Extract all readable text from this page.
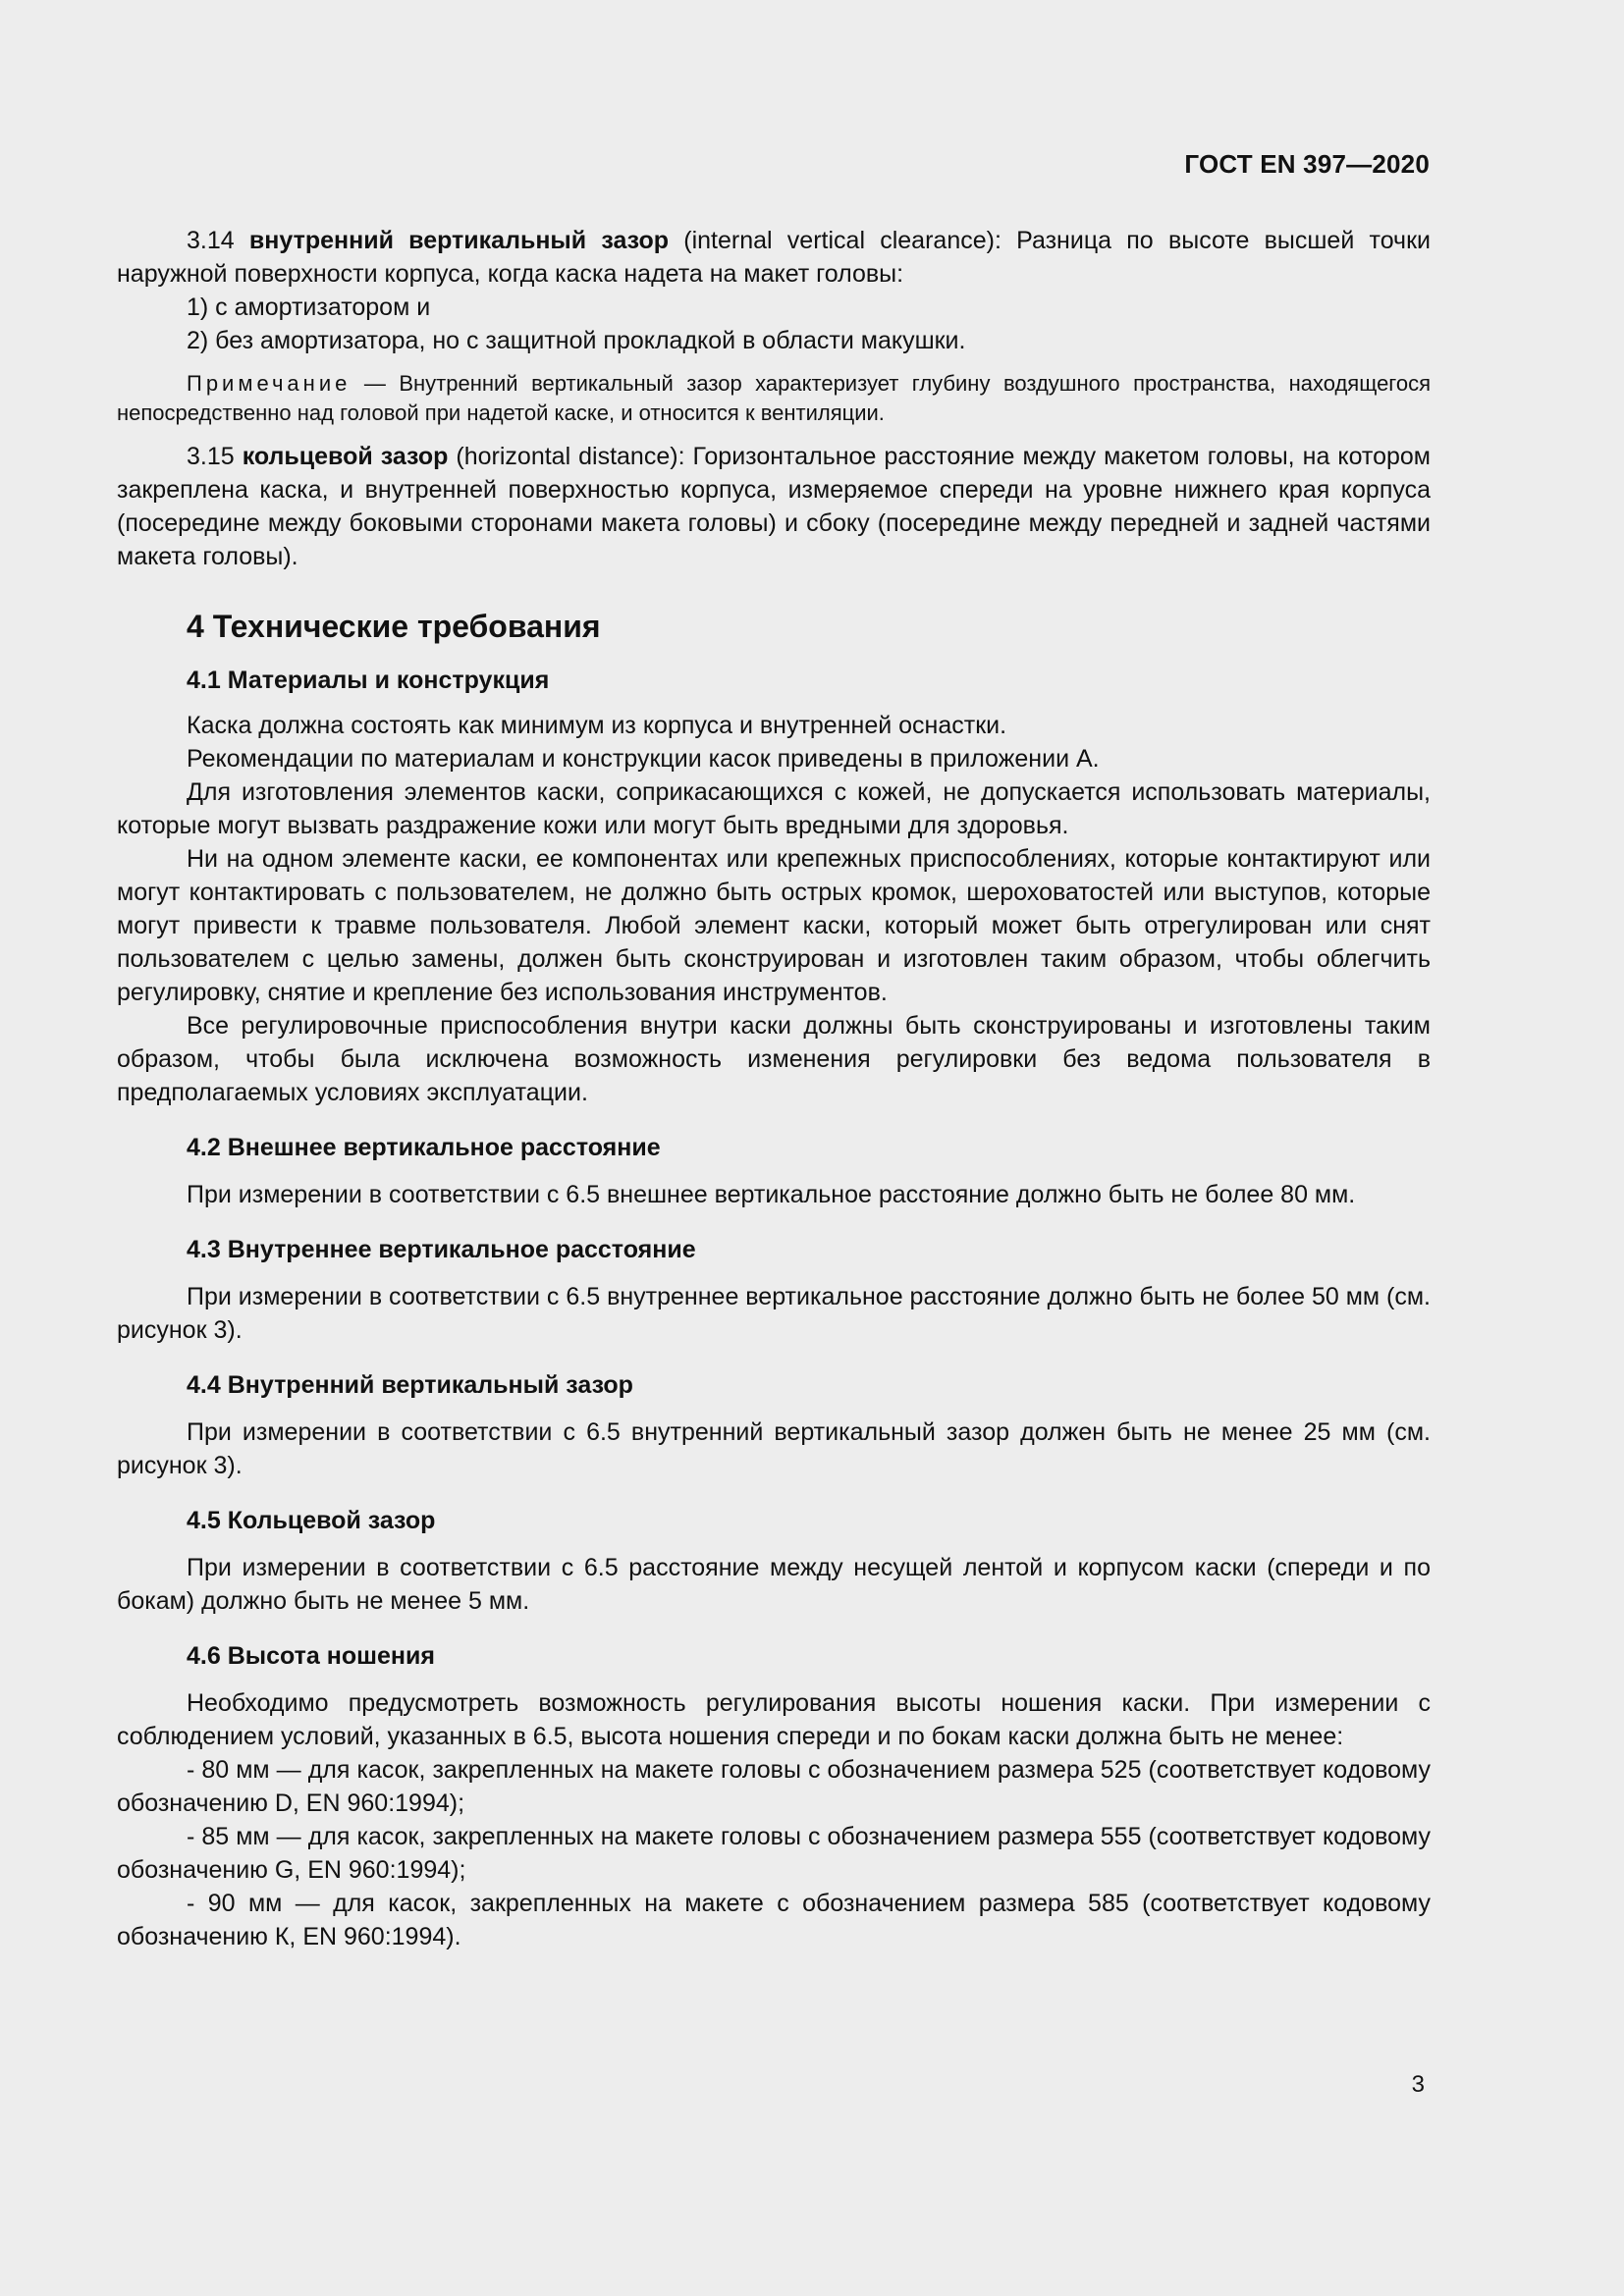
ГОСТ EN 397—2020

3.14 внутренний вертикальный зазор (internal vertical clearance): Разница по высоте высшей точки наружной поверхности корпуса, когда каска надета на макет головы:

1) с амортизатором и

2) без амортизатора, но с защитной прокладкой в области макушки.

Примечание — Внутренний вертикальный зазор характеризует глубину воздушного пространства, находящегося непосредственно над головой при надетой каске, и относится к вентиляции.

3.15 кольцевой зазор (horizontal distance): Горизонтальное расстояние между макетом головы, на котором закреплена каска, и внутренней поверхностью корпуса, измеряемое спереди на уровне нижнего края корпуса (посередине между боковыми сторонами макета головы) и сбоку (посередине между передней и задней частями макета головы).

4 Технические требования
4.1 Материалы и конструкция

Каска должна состоять как минимум из корпуса и внутренней оснастки.

Рекомендации по материалам и конструкции касок приведены в приложении А.

Для изготовления элементов каски, соприкасающихся с кожей, не допускается использовать материалы, которые могут вызвать раздражение кожи или могут быть вредными для здоровья.

Ни на одном элементе каски, ее компонентах или крепежных приспособлениях, которые контактируют или могут контактировать с пользователем, не должно быть острых кромок, шероховатостей или выступов, которые могут привести к травме пользователя. Любой элемент каски, который может быть отрегулирован или снят пользователем с целью замены, должен быть сконструирован и изготовлен таким образом, чтобы облегчить регулировку, снятие и крепление без использования инструментов.

Все регулировочные приспособления внутри каски должны быть сконструированы и изготовлены таким образом, чтобы была исключена возможность изменения регулировки без ведома пользователя в предполагаемых условиях эксплуатации.

4.2 Внешнее вертикальное расстояние

При измерении в соответствии с 6.5 внешнее вертикальное расстояние должно быть не более 80 мм.

4.3 Внутреннее вертикальное расстояние

При измерении в соответствии с 6.5 внутреннее вертикальное расстояние должно быть не более 50 мм (см. рисунок 3).

4.4 Внутренний вертикальный зазор

При измерении в соответствии с 6.5 внутренний вертикальный зазор должен быть не менее 25 мм (см. рисунок 3).

4.5 Кольцевой зазор

При измерении в соответствии с 6.5 расстояние между несущей лентой и корпусом каски (спереди и по бокам) должно быть не менее 5 мм.

4.6 Высота ношения

Необходимо предусмотреть возможность регулирования высоты ношения каски. При измерении с соблюдением условий, указанных в 6.5, высота ношения спереди и по бокам каски должна быть не менее:

- 80 мм — для касок, закрепленных на макете головы с обозначением размера 525 (соответствует кодовому обозначению D, EN 960:1994);

- 85 мм — для касок, закрепленных на макете головы с обозначением размера 555 (соответствует кодовому обозначению G, EN 960:1994);

- 90 мм — для касок, закрепленных на макете с обозначением размера 585 (соответствует кодовому обозначению К, EN 960:1994).

3
